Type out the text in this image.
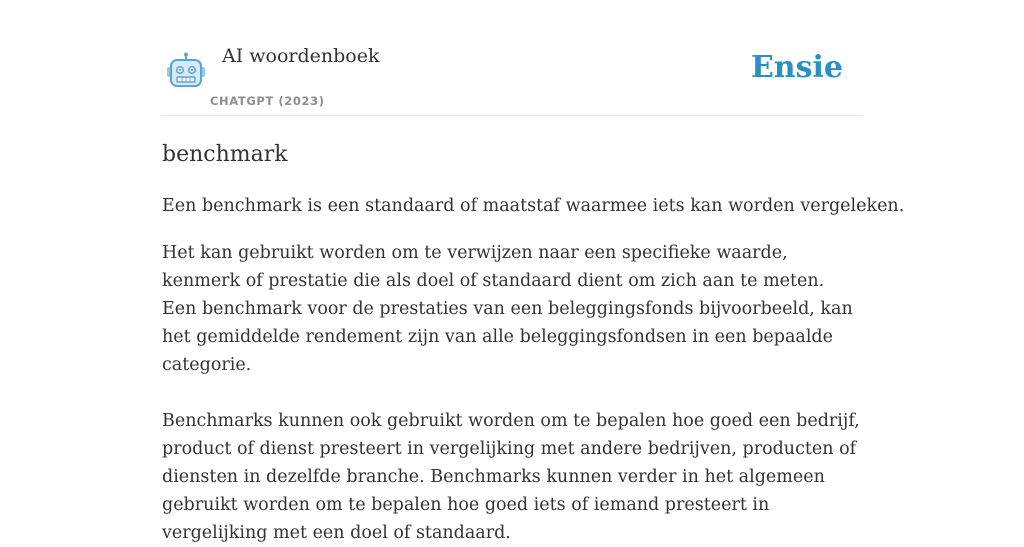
AI woordenboek
CHATGPT (2023)
Ensie
benchmark

Een benchmark is een standaard of maatstaf waarmee iets kan worden vergeleken.

Het kan gebruikt worden om te verwijzen naar een specifieke waarde, kenmerk of prestatie die als doel of standaard dient om zich aan te meten. Een benchmark voor de prestaties van een beleggingsfonds bijvoorbeeld, kan het gemiddelde rendement zijn van alle beleggingsfondsen in een bepaalde categorie.

Benchmarks kunnen ook gebruikt worden om te bepalen hoe goed een bedrijf, product of dienst presteert in vergelijking met andere bedrijven, producten of diensten in dezelfde branche. Benchmarks kunnen verder in het algemeen gebruikt worden om te bepalen hoe goed iets of iemand presteert in vergelijking met een doel of standaard.
